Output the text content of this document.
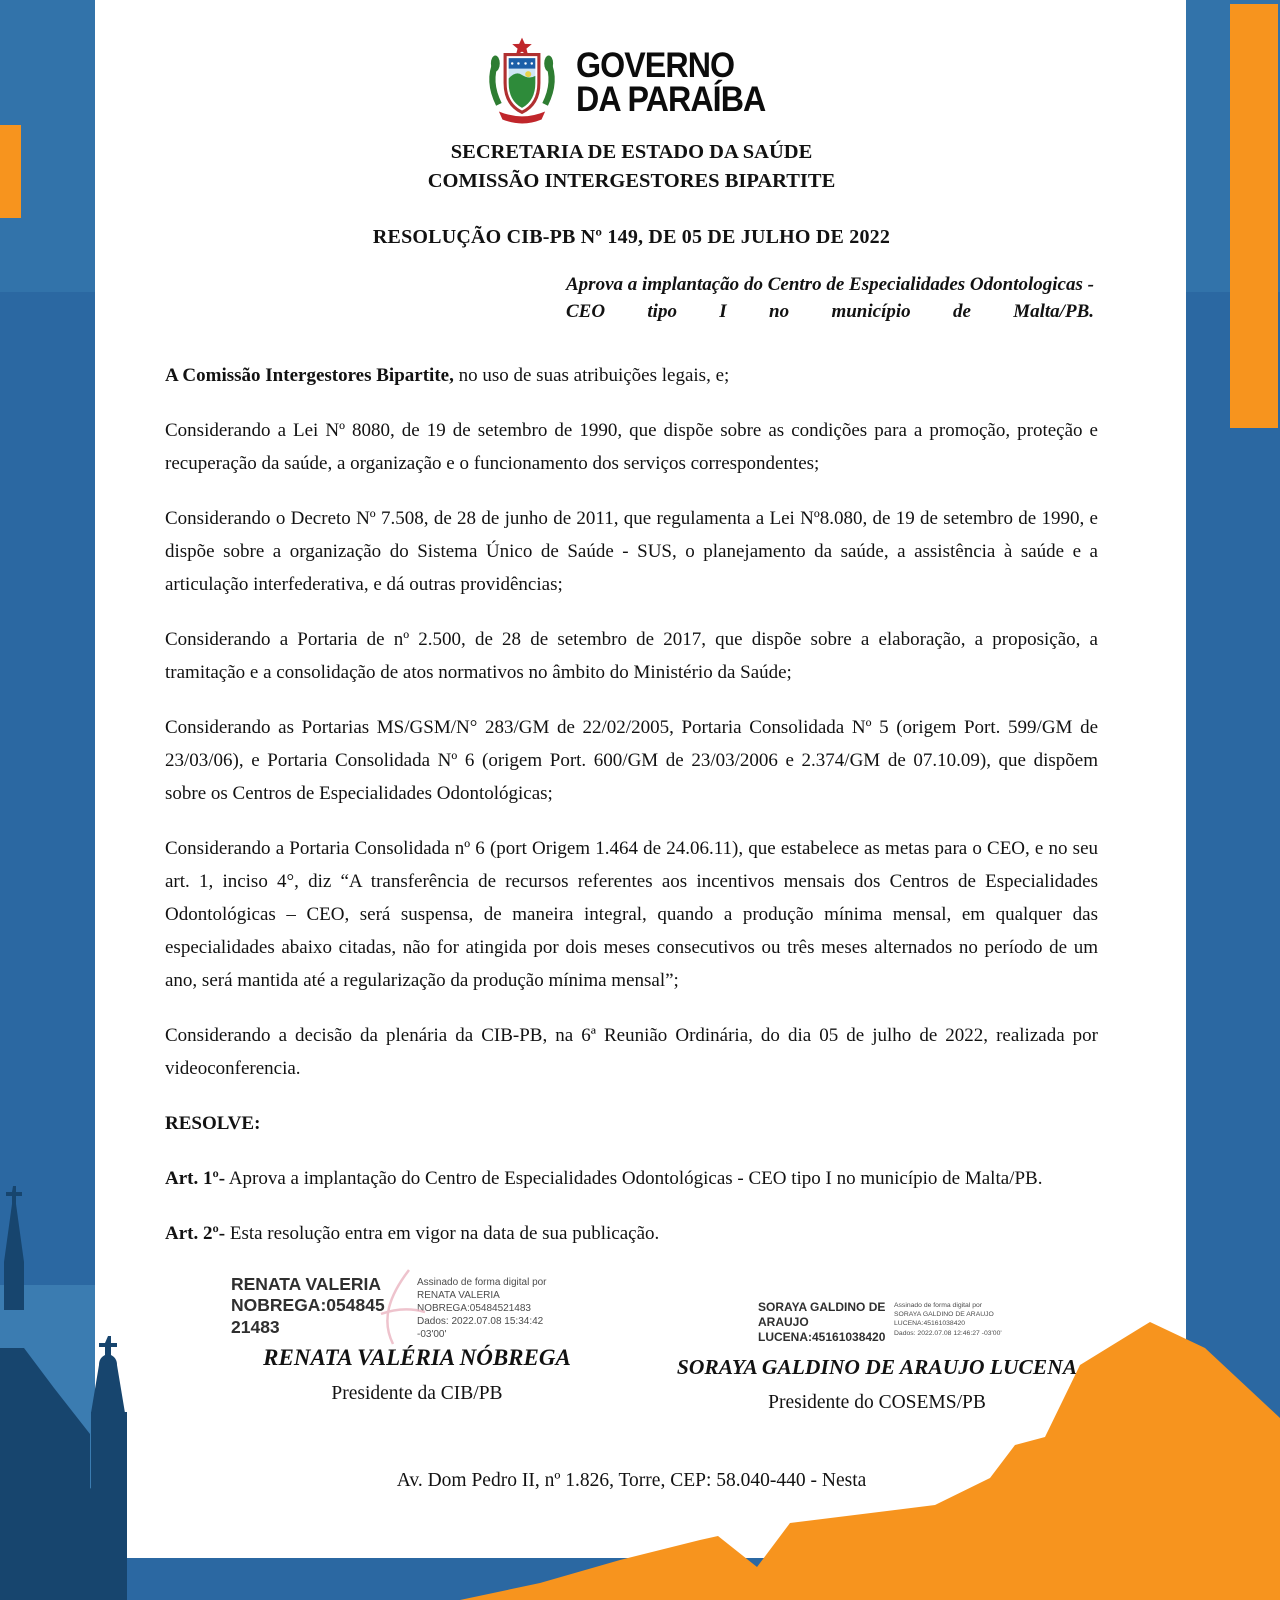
GOVERNO
DA PARAÍBA
SECRETARIA DE ESTADO DA SAÚDE
COMISSÃO INTERGESTORES BIPARTITE
RESOLUÇÃO CIB-PB Nº 149, DE 05 DE JULHO DE 2022
Aprova a implantação do Centro de Especialidades Odontologicas - CEO tipo I no município de Malta/PB.

A Comissão Intergestores Bipartite, no uso de suas atribuições legais, e;

Considerando a Lei Nº 8080, de 19 de setembro de 1990, que dispõe sobre as condições para a promoção, proteção e recuperação da saúde, a organização e o funcionamento dos serviços correspondentes;

Considerando o Decreto Nº 7.508, de 28 de junho de 2011, que regulamenta a Lei Nº8.080, de 19 de setembro de 1990, e dispõe sobre a organização do Sistema Único de Saúde - SUS, o planejamento da saúde, a assistência à saúde e a articulação interfederativa, e dá outras providências;

Considerando a Portaria de nº 2.500, de 28 de setembro de 2017, que dispõe sobre a elaboração, a proposição, a tramitação e a consolidação de atos normativos no âmbito do Ministério da Saúde;

Considerando as Portarias MS/GSM/N° 283/GM de 22/02/2005, Portaria Consolidada Nº 5 (origem Port. 599/GM de 23/03/06), e Portaria Consolidada Nº 6 (origem Port. 600/GM de 23/03/2006 e 2.374/GM de 07.10.09), que dispõem sobre os Centros de Especialidades Odontológicas;

Considerando a Portaria Consolidada nº 6 (port Origem 1.464 de 24.06.11), que estabelece as metas para o CEO, e no seu art. 1, inciso 4°, diz “A transferência de recursos referentes aos incentivos mensais dos Centros de Especialidades Odontológicas – CEO, será suspensa, de maneira integral, quando a produção mínima mensal, em qualquer das especialidades abaixo citadas, não for atingida por dois meses consecutivos ou três meses alternados no período de um ano, será mantida até a regularização da produção mínima mensal”;

Considerando a decisão da plenária da CIB-PB, na 6ª Reunião Ordinária, do dia 05 de julho de 2022, realizada por videoconferencia.

RESOLVE:

Art. 1º- Aprova a implantação do Centro de Especialidades Odontológicas - CEO tipo I no município de Malta/PB.

Art. 2º- Esta resolução entra em vigor na data de sua publicação.

RENATA VALERIA
NOBREGA:054845
21483
Assinado de forma digital por
RENATA VALERIA
NOBREGA:05484521483
Dados: 2022.07.08 15:34:42
-03'00'
RENATA VALÉRIA NÓBREGA
Presidente da CIB/PB
SORAYA GALDINO DE
ARAUJO
LUCENA:45161038420
Assinado de forma digital por
SORAYA GALDINO DE ARAUJO
LUCENA:45161038420
Dados: 2022.07.08 12:46:27 -03'00'
SORAYA GALDINO DE ARAUJO LUCENA
Presidente do COSEMS/PB
Av. Dom Pedro II, nº 1.826, Torre, CEP: 58.040-440 - Nesta
